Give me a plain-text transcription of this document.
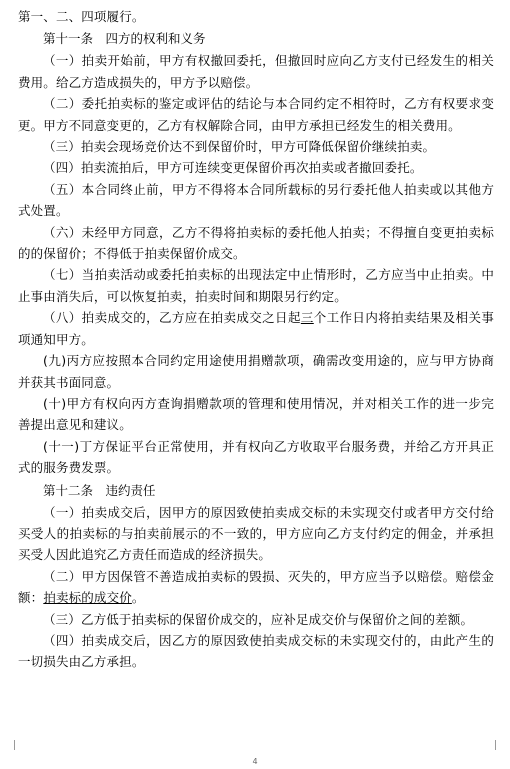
第一、二、四项履行。

第十一条　四方的权利和义务

（一）拍卖开始前，甲方有权撤回委托，但撤回时应向乙方支付已经发生的相关费用。给乙方造成损失的，甲方予以赔偿。

（二）委托拍卖标的鉴定或评估的结论与本合同约定不相符时，乙方有权要求变更。甲方不同意变更的，乙方有权解除合同，由甲方承担已经发生的相关费用。

（三）拍卖会现场竞价达不到保留价时，甲方可降低保留价继续拍卖。

（四）拍卖流拍后，甲方可连续变更保留价再次拍卖或者撤回委托。

（五）本合同终止前，甲方不得将本合同所载标的另行委托他人拍卖或以其他方式处置。

（六）未经甲方同意，乙方不得将拍卖标的委托他人拍卖；不得擅自变更拍卖标的的保留价；不得低于拍卖保留价成交。

（七）当拍卖活动或委托拍卖标的出现法定中止情形时，乙方应当中止拍卖。中止事由消失后，可以恢复拍卖，拍卖时间和期限另行约定。

（八）拍卖成交的，乙方应在拍卖成交之日起三个工作日内将拍卖结果及相关事项通知甲方。

(九)丙方应按照本合同约定用途使用捐赠款项，确需改变用途的，应与甲方协商并获其书面同意。

(十)甲方有权向丙方查询捐赠款项的管理和使用情况，并对相关工作的进一步完善提出意见和建议。

(十一)丁方保证平台正常使用，并有权向乙方收取平台服务费，并给乙方开具正式的服务费发票。

第十二条　违约责任

（一）拍卖成交后，因甲方的原因致使拍卖成交标的未实现交付或者甲方交付给买受人的拍卖标的与拍卖前展示的不一致的，甲方应向乙方支付约定的佣金，并承担买受人因此追究乙方责任而造成的经济损失。

（二）甲方因保管不善造成拍卖标的毁损、灭失的，甲方应当予以赔偿。赔偿金额：拍卖标的成交价。

（三）乙方低于拍卖标的保留价成交的，应补足成交价与保留价之间的差额。

（四）拍卖成交后，因乙方的原因致使拍卖成交标的未实现交付的，由此产生的一切损失由乙方承担。

4
